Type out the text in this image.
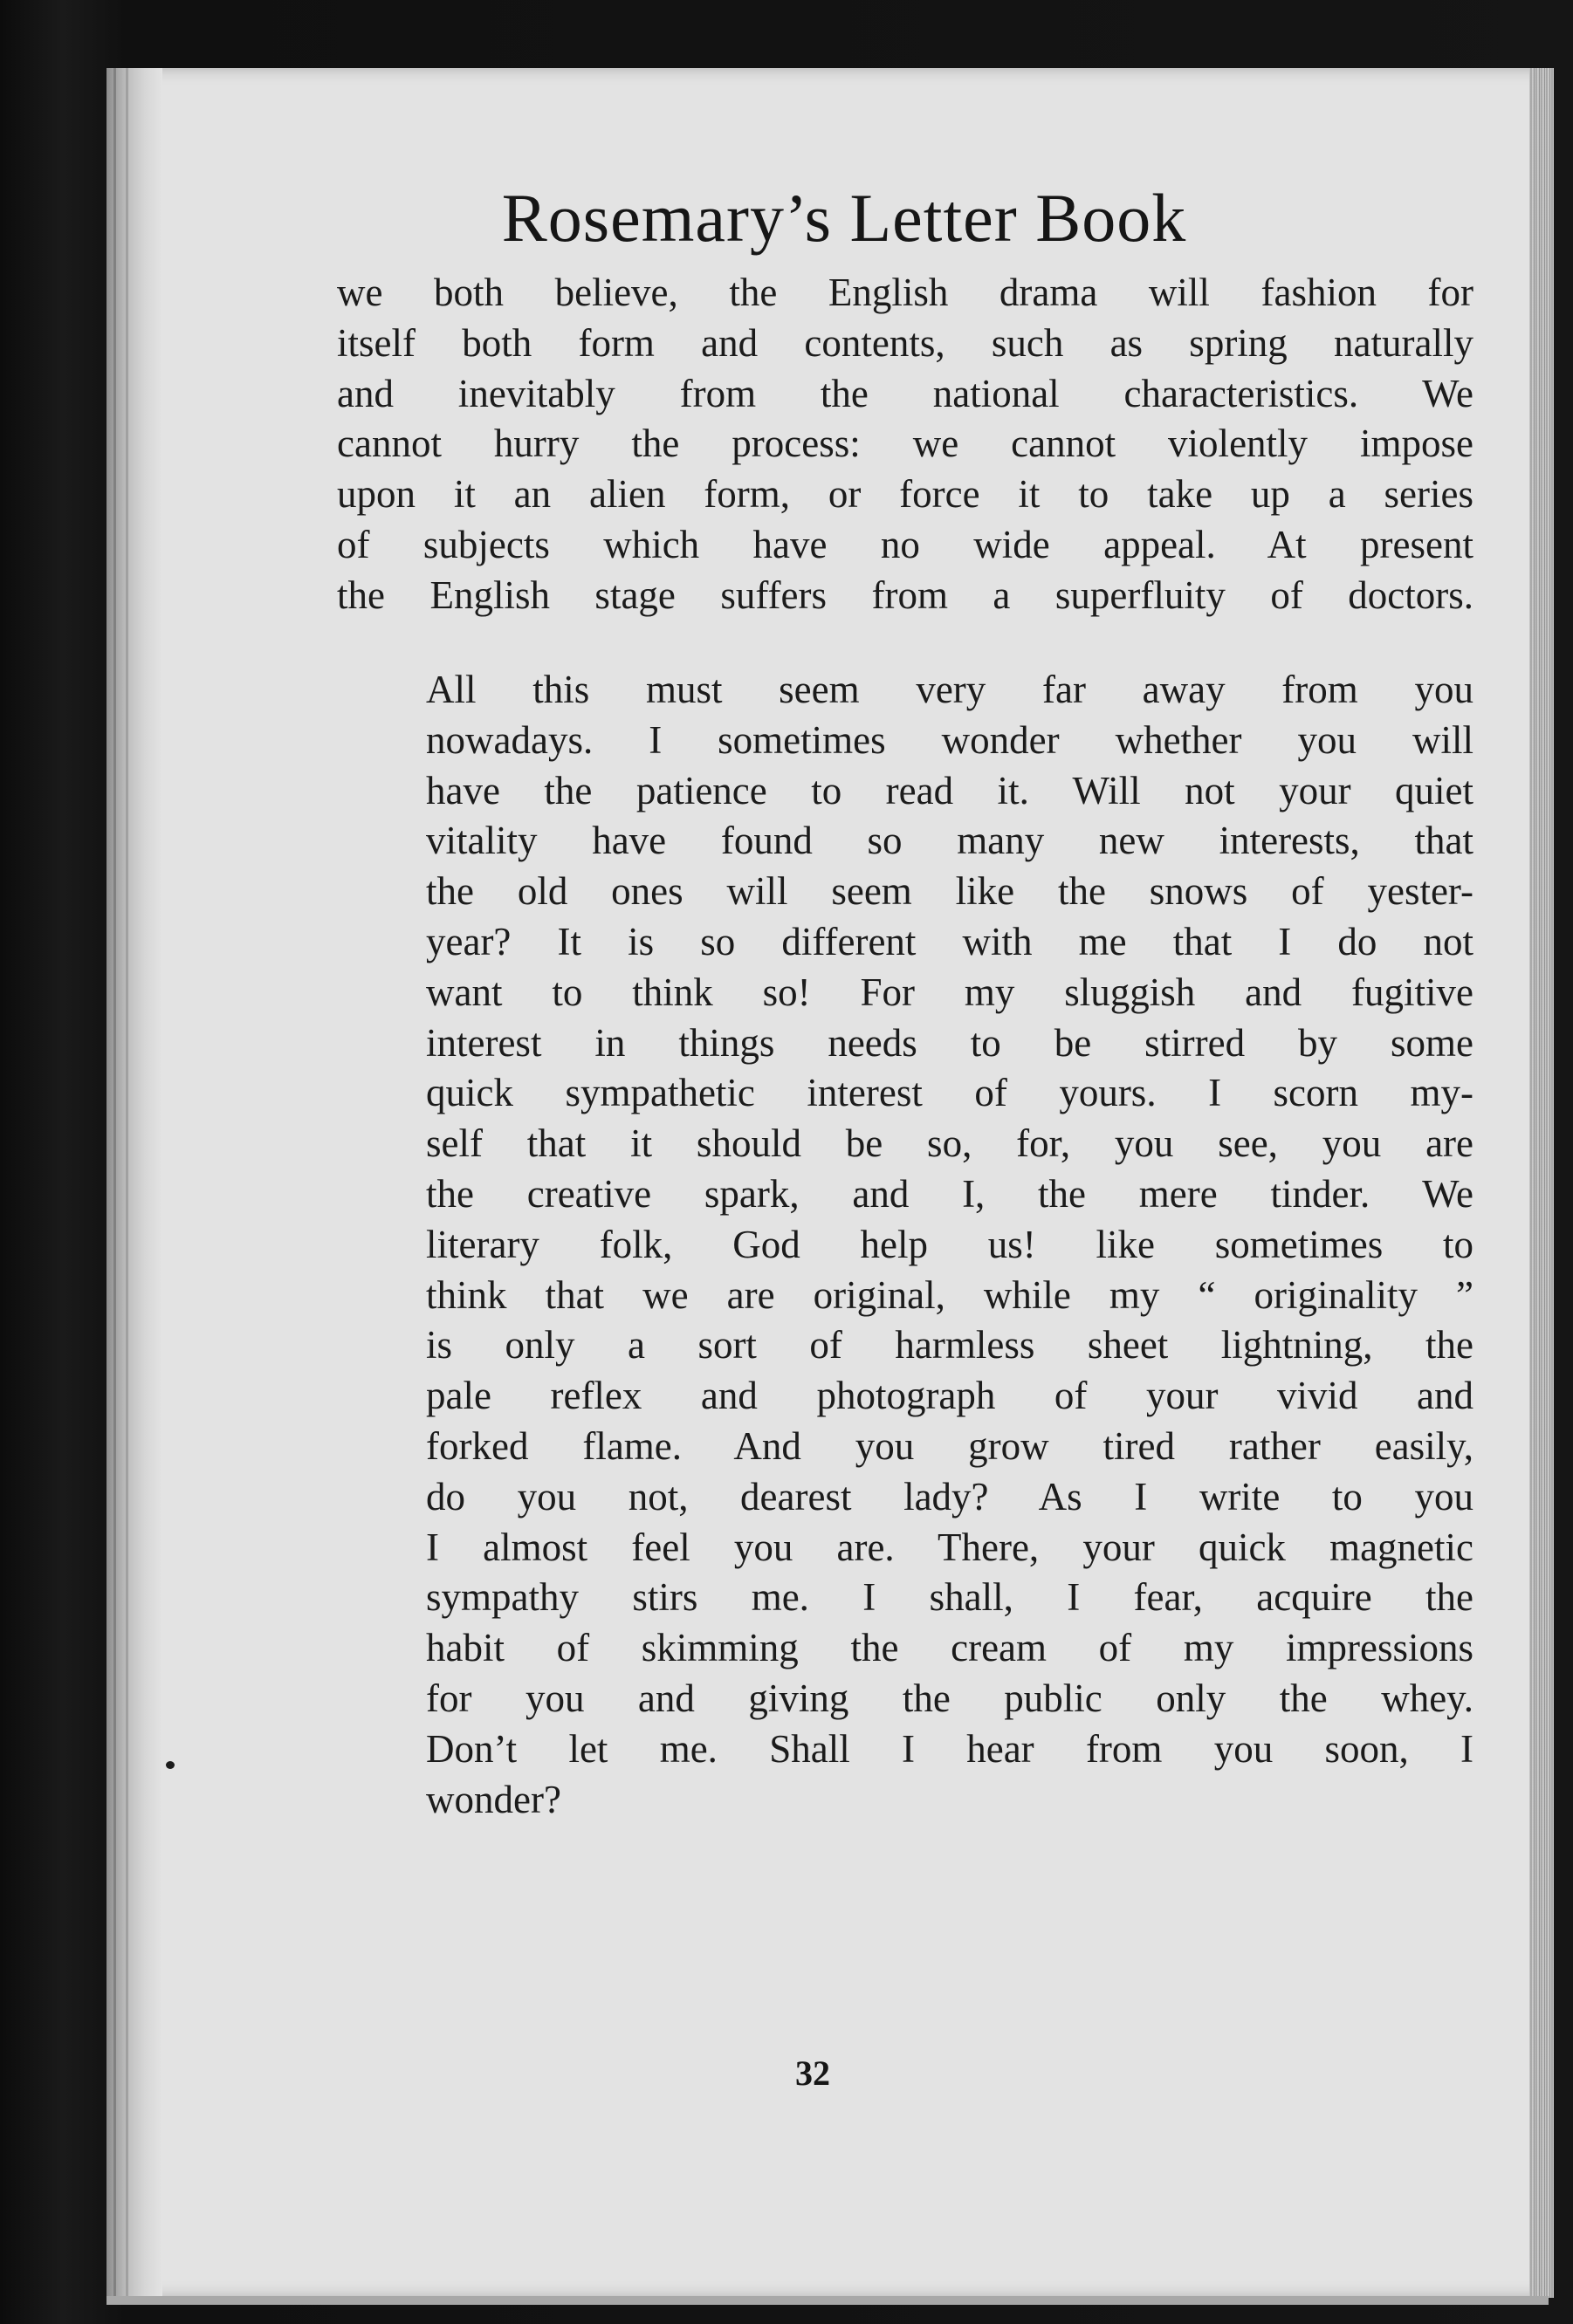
Rosemary’s Letter Book
we both believe, the English drama will fashion for
itself both form and contents, such as spring naturally
and inevitably from the national characteristics. We
cannot hurry the process: we cannot violently impose
upon it an alien form, or force it to take up a series
of subjects which have no wide appeal. At present
the English stage suffers from a superfluity of doctors.
All this must seem very far away from you
nowadays. I sometimes wonder whether you will
have the patience to read it. Will not your quiet
vitality have found so many new interests, that
the old ones will seem like the snows of yester-
year? It is so different with me that I do not
want to think so! For my sluggish and fugitive
interest in things needs to be stirred by some
quick sympathetic interest of yours. I scorn my-
self that it should be so, for, you see, you are
the creative spark, and I, the mere tinder. We
literary folk, God help us! like sometimes to
think that we are original, while my “ originality ”
is only a sort of harmless sheet lightning, the
pale reflex and photograph of your vivid and
forked flame. And you grow tired rather easily,
do you not, dearest lady? As I write to you
I almost feel you are. There, your quick magnetic
sympathy stirs me. I shall, I fear, acquire the
habit of skimming the cream of my impressions
for you and giving the public only the whey.
Don’t let me. Shall I hear from you soon, I
wonder?
32
